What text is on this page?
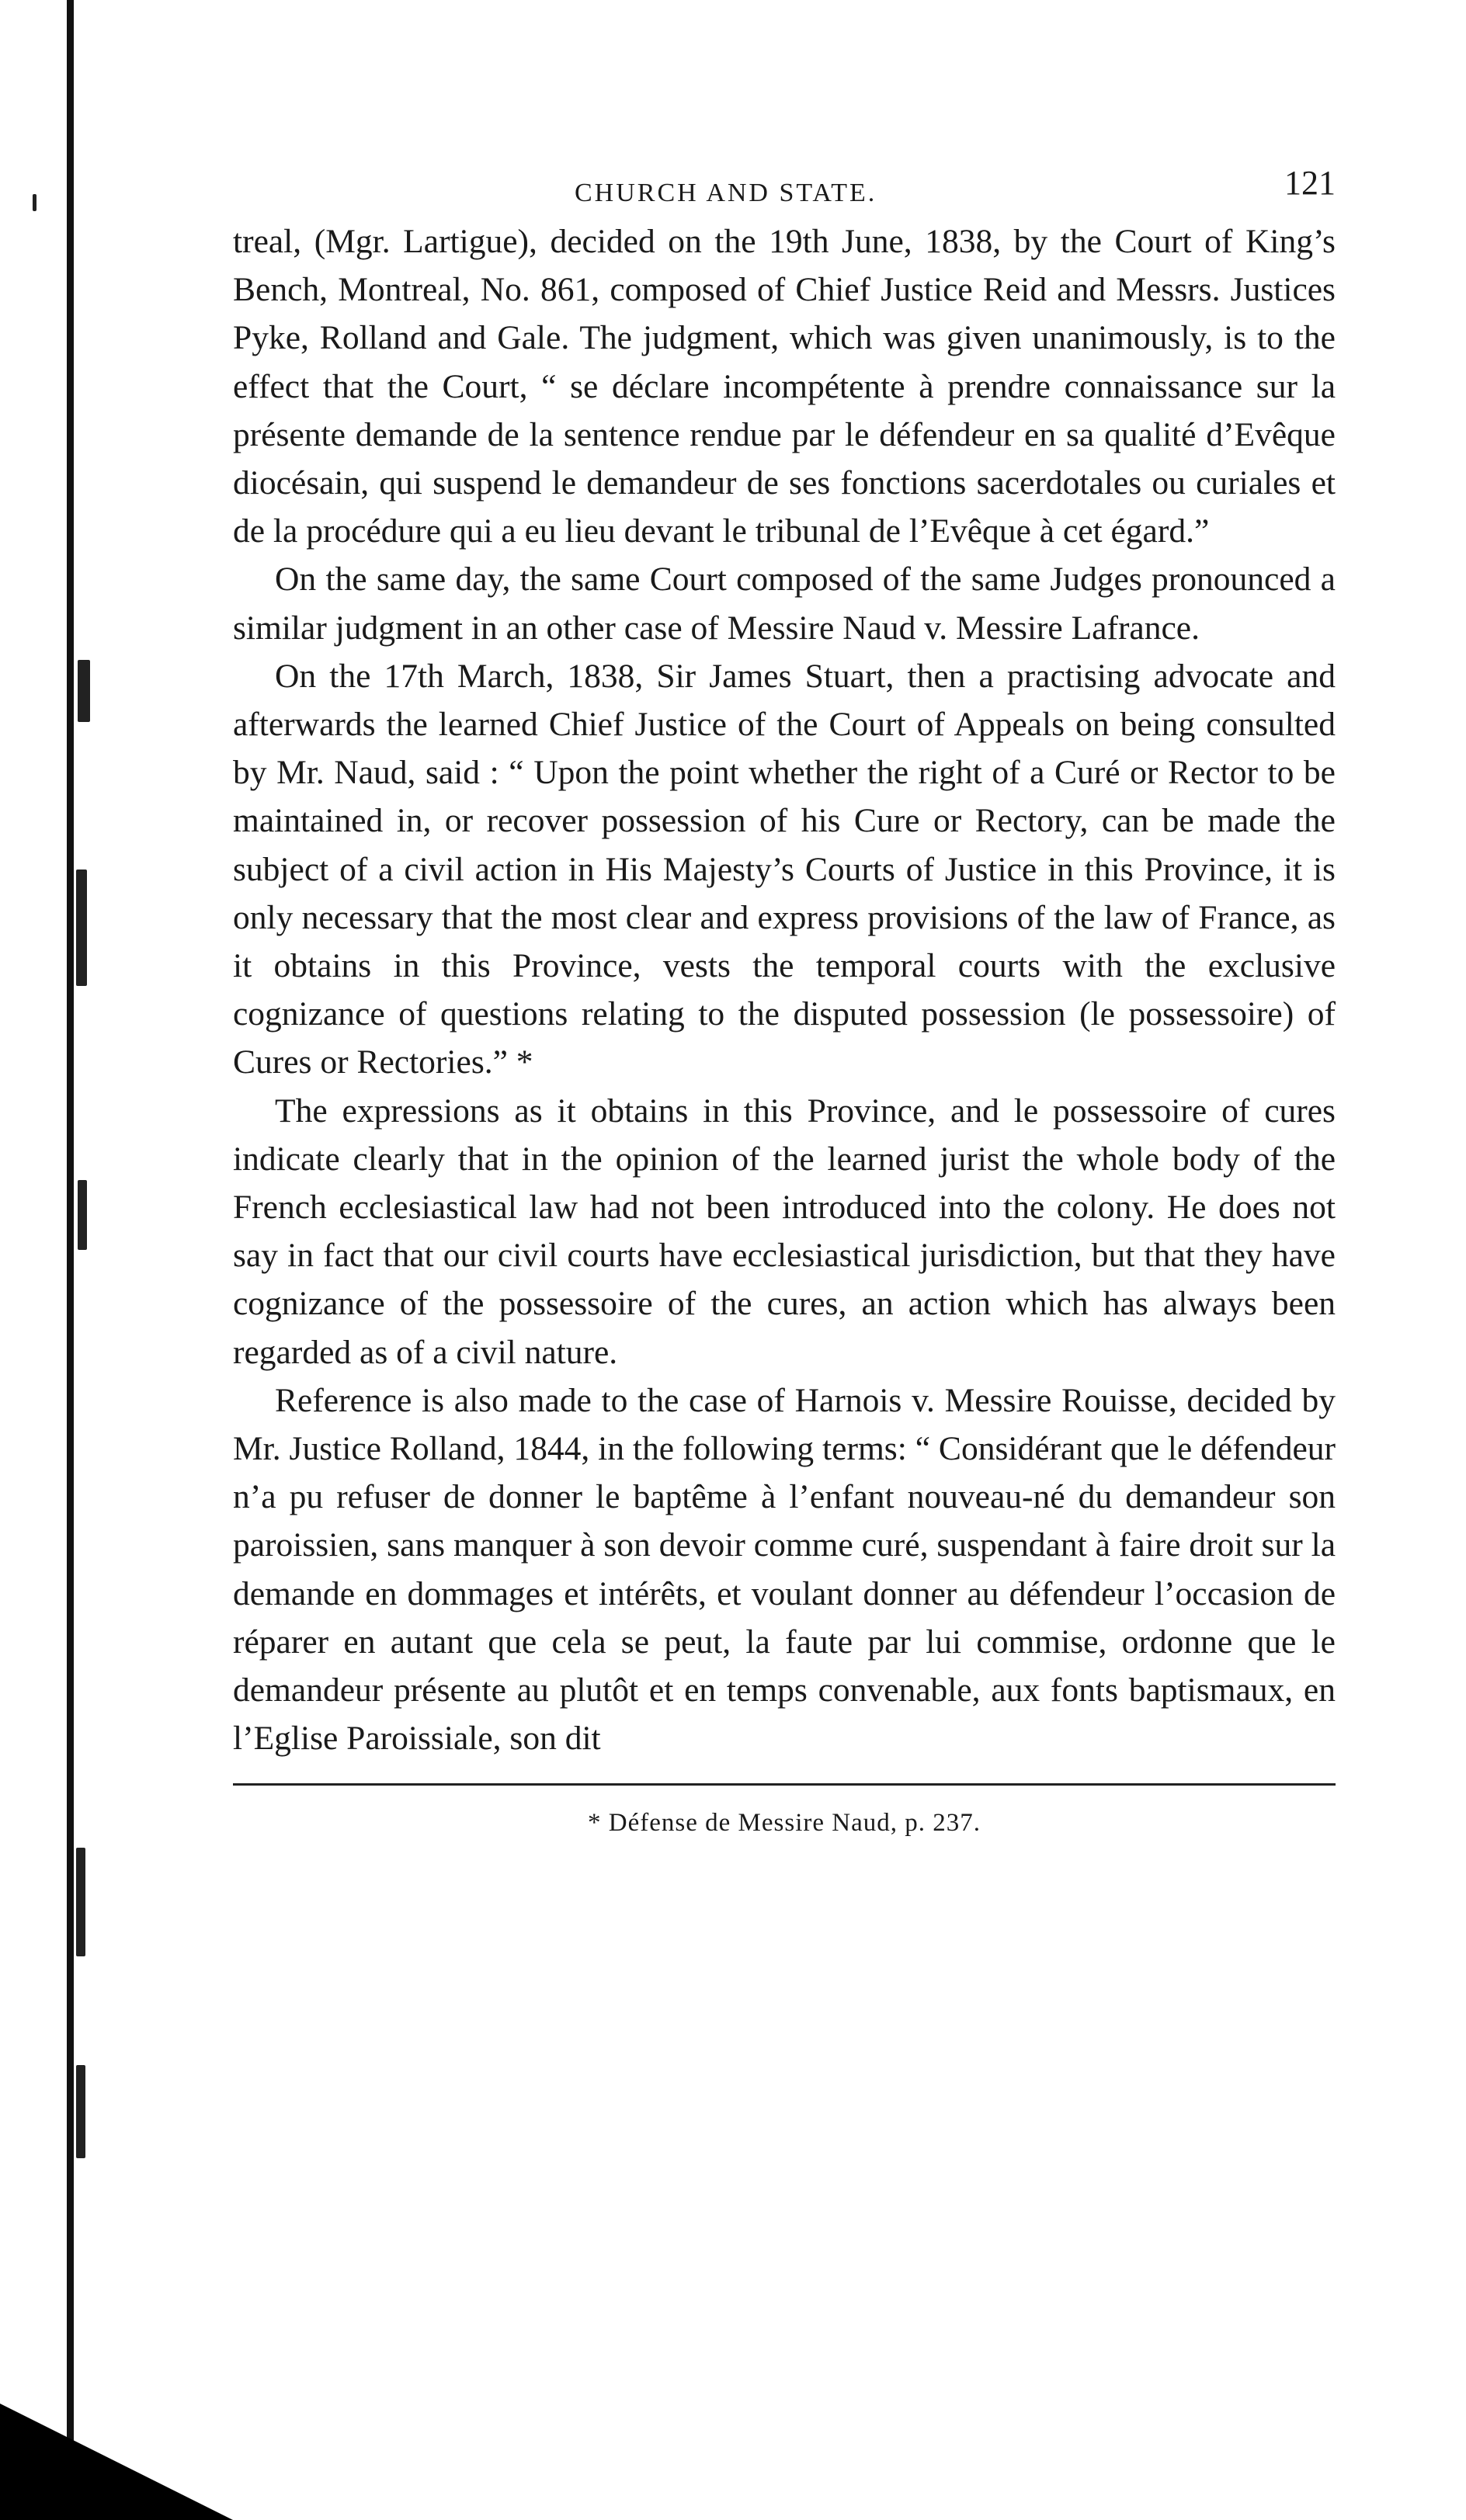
CHURCH AND STATE.	121

treal, (Mgr. Lartigue), decided on the 19th June, 1838, by the Court of King’s Bench, Montreal, No. 861, composed of Chief Justice Reid and Messrs. Justices Pyke, Rolland and Gale. The judgment, which was given unanimously, is to the effect that the Court, “ se déclare incompétente à prendre connaissance sur la présente demande de la sentence rendue par le défendeur en sa qualité d’Evêque diocésain, qui suspend le demandeur de ses fonctions sacerdotales ou curiales et de la procédure qui a eu lieu devant le tribunal de l’Evêque à cet égard.”

On the same day, the same Court composed of the same Judges pronounced a similar judgment in an other case of Messire Naud v. Messire Lafrance.

On the 17th March, 1838, Sir James Stuart, then a practising advocate and afterwards the learned Chief Justice of the Court of Appeals on being consulted by Mr. Naud, said : “ Upon the point whether the right of a Curé or Rector to be maintained in, or recover possession of his Cure or Rectory, can be made the subject of a civil action in His Majesty’s Courts of Justice in this Province, it is only necessary that the most clear and express provisions of the law of France, as it obtains in this Province, vests the temporal courts with the exclusive cognizance of questions relating to the disputed possession (le possessoire) of Cures or Rectories.” *

The expressions as it obtains in this Province, and le possessoire of cures indicate clearly that in the opinion of the learned jurist the whole body of the French ecclesiastical law had not been introduced into the colony. He does not say in fact that our civil courts have ecclesiastical jurisdiction, but that they have cognizance of the possessoire of the cures, an action which has always been regarded as of a civil nature.

Reference is also made to the case of Harnois v. Messire Rouisse, decided by Mr. Justice Rolland, 1844, in the following terms: “ Considérant que le défendeur n’a pu refuser de donner le baptême à l’enfant nouveau-né du demandeur son paroissien, sans manquer à son devoir comme curé, suspendant à faire droit sur la demande en dommages et intérêts, et voulant donner au défendeur l’occasion de réparer en autant que cela se peut, la faute par lui commise, ordonne que le demandeur présente au plutôt et en temps convenable, aux fonts baptismaux, en l’Eglise Paroissiale, son dit

* Défense de Messire Naud, p. 237.
